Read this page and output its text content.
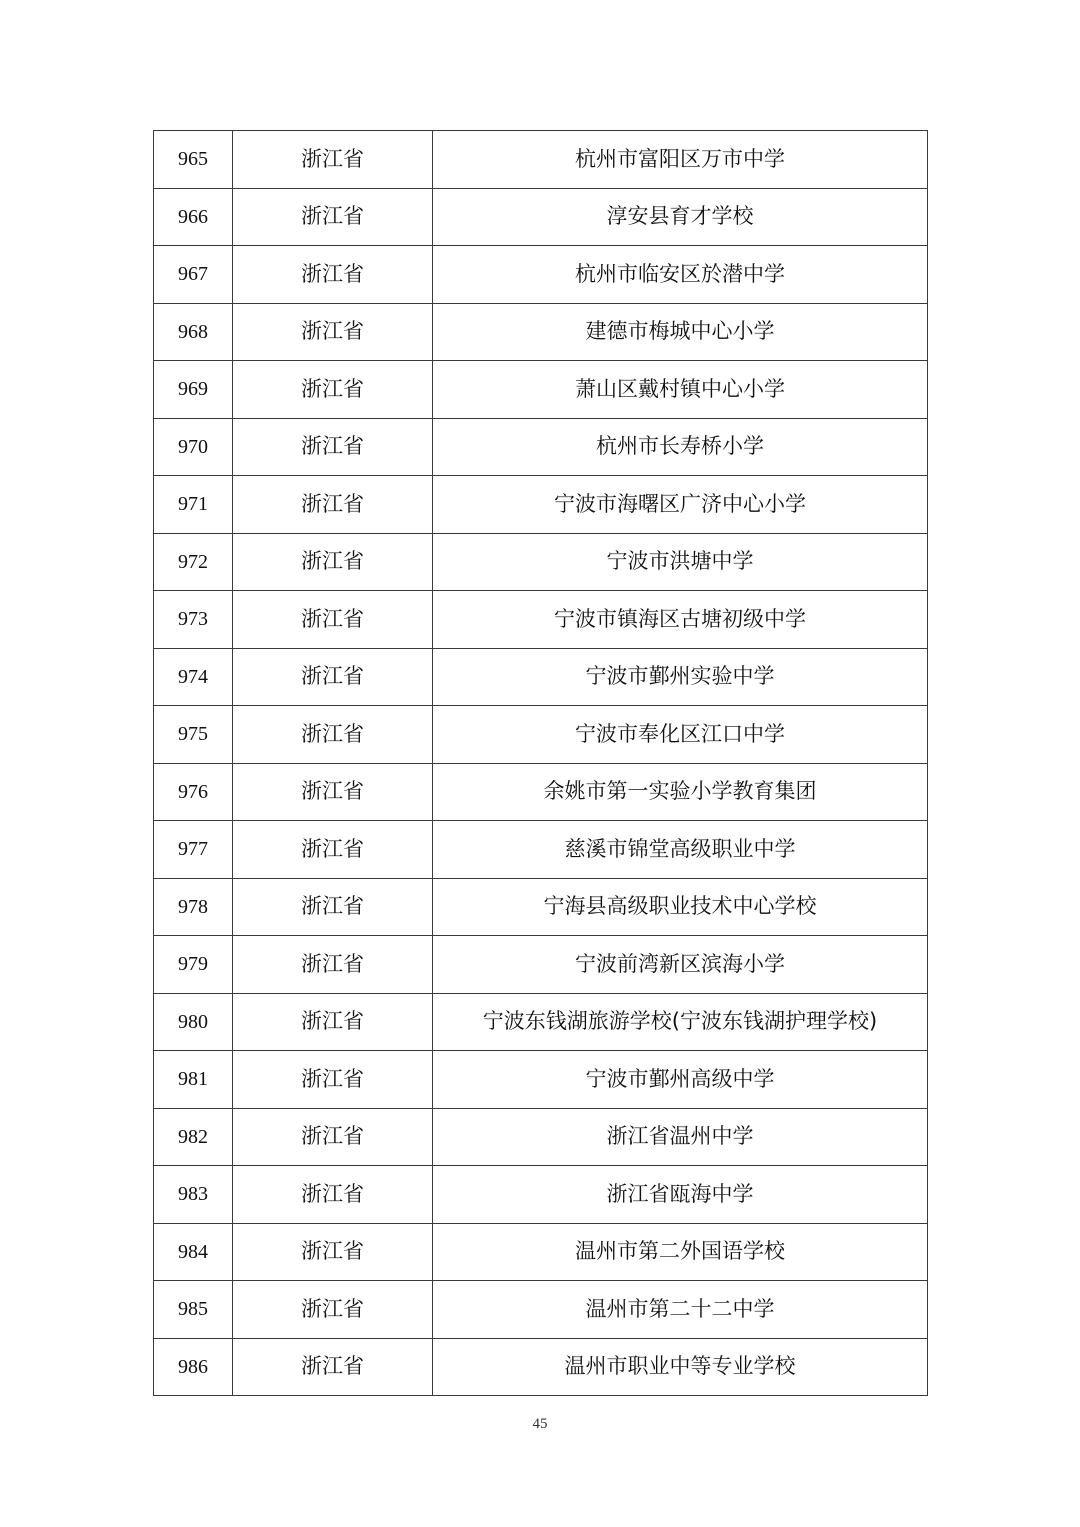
965	浙江省	杭州市富阳区万市中学
966	浙江省	淳安县育才学校
967	浙江省	杭州市临安区於潜中学
968	浙江省	建德市梅城中心小学
969	浙江省	萧山区戴村镇中心小学
970	浙江省	杭州市长寿桥小学
971	浙江省	宁波市海曙区广济中心小学
972	浙江省	宁波市洪塘中学
973	浙江省	宁波市镇海区古塘初级中学
974	浙江省	宁波市鄞州实验中学
975	浙江省	宁波市奉化区江口中学
976	浙江省	余姚市第一实验小学教育集团
977	浙江省	慈溪市锦堂高级职业中学
978	浙江省	宁海县高级职业技术中心学校
979	浙江省	宁波前湾新区滨海小学
980	浙江省	宁波东钱湖旅游学校(宁波东钱湖护理学校)
981	浙江省	宁波市鄞州高级中学
982	浙江省	浙江省温州中学
983	浙江省	浙江省瓯海中学
984	浙江省	温州市第二外国语学校
985	浙江省	温州市第二十二中学
986	浙江省	温州市职业中等专业学校
45
